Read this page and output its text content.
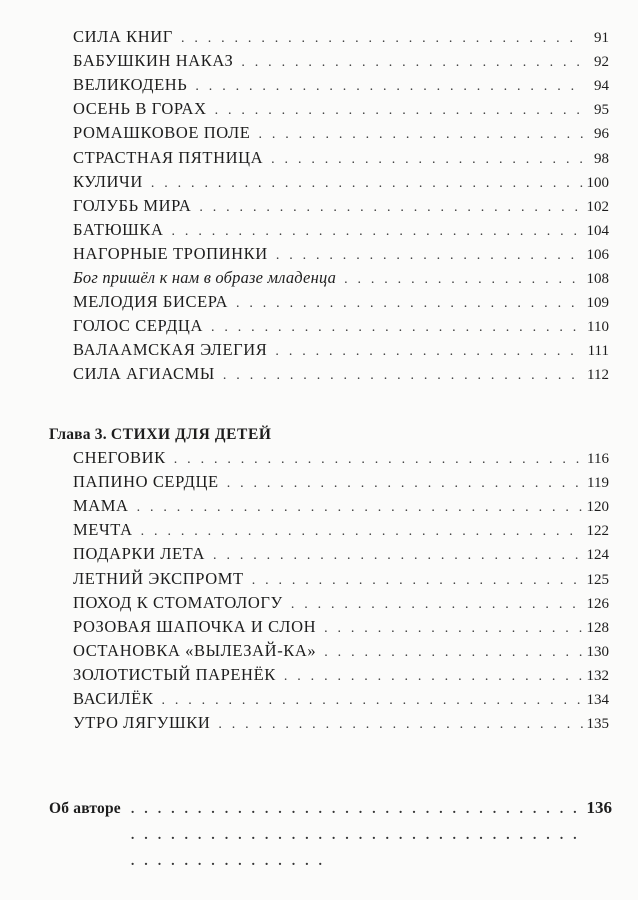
СИЛА КНИГ . . .	91
БАБУШКИН НАКАЗ . . .	92
ВЕЛИКОДЕНЬ . . .	94
ОСЕНЬ В ГОРАХ . . .	95
РОМАШКОВОЕ ПОЛЕ . . .	96
СТРАСТНАЯ ПЯТНИЦА . . .	98
КУЛИЧИ . . .	100
ГОЛУБЬ МИРА . . .	102
БАТЮШКА . . .	104
НАГОРНЫЕ ТРОПИНКИ . . .	106
Бог пришёл к нам в образе младенца . . .	108
МЕЛОДИЯ БИСЕРА . . .	109
ГОЛОС СЕРДЦА . . .	110
ВАЛААМСКАЯ ЭЛЕГИЯ . . .	111
СИЛА АГИАСМЫ . . .	112
Глава 3. СТИХИ ДЛЯ ДЕТЕЙ
СНЕГОВИК . . .	116
ПАПИНО СЕРДЦЕ . . .	119
МАМА . . .	120
МЕЧТА . . .	122
ПОДАРКИ ЛЕТА . . .	124
ЛЕТНИЙ ЭКСПРОМТ . . .	125
ПОХОД К СТОМАТОЛОГУ . . .	126
РОЗОВАЯ ШАПОЧКА И СЛОН . . .	128
ОСТАНОВКА «ВЫЛЕЗАЙ-КА» . . .	130
ЗОЛОТИСТЫЙ ПАРЕНЁК . . .	132
ВАСИЛЁК . . .	134
УТРО ЛЯГУШКИ . . .	135
Об авторе . . .	136
